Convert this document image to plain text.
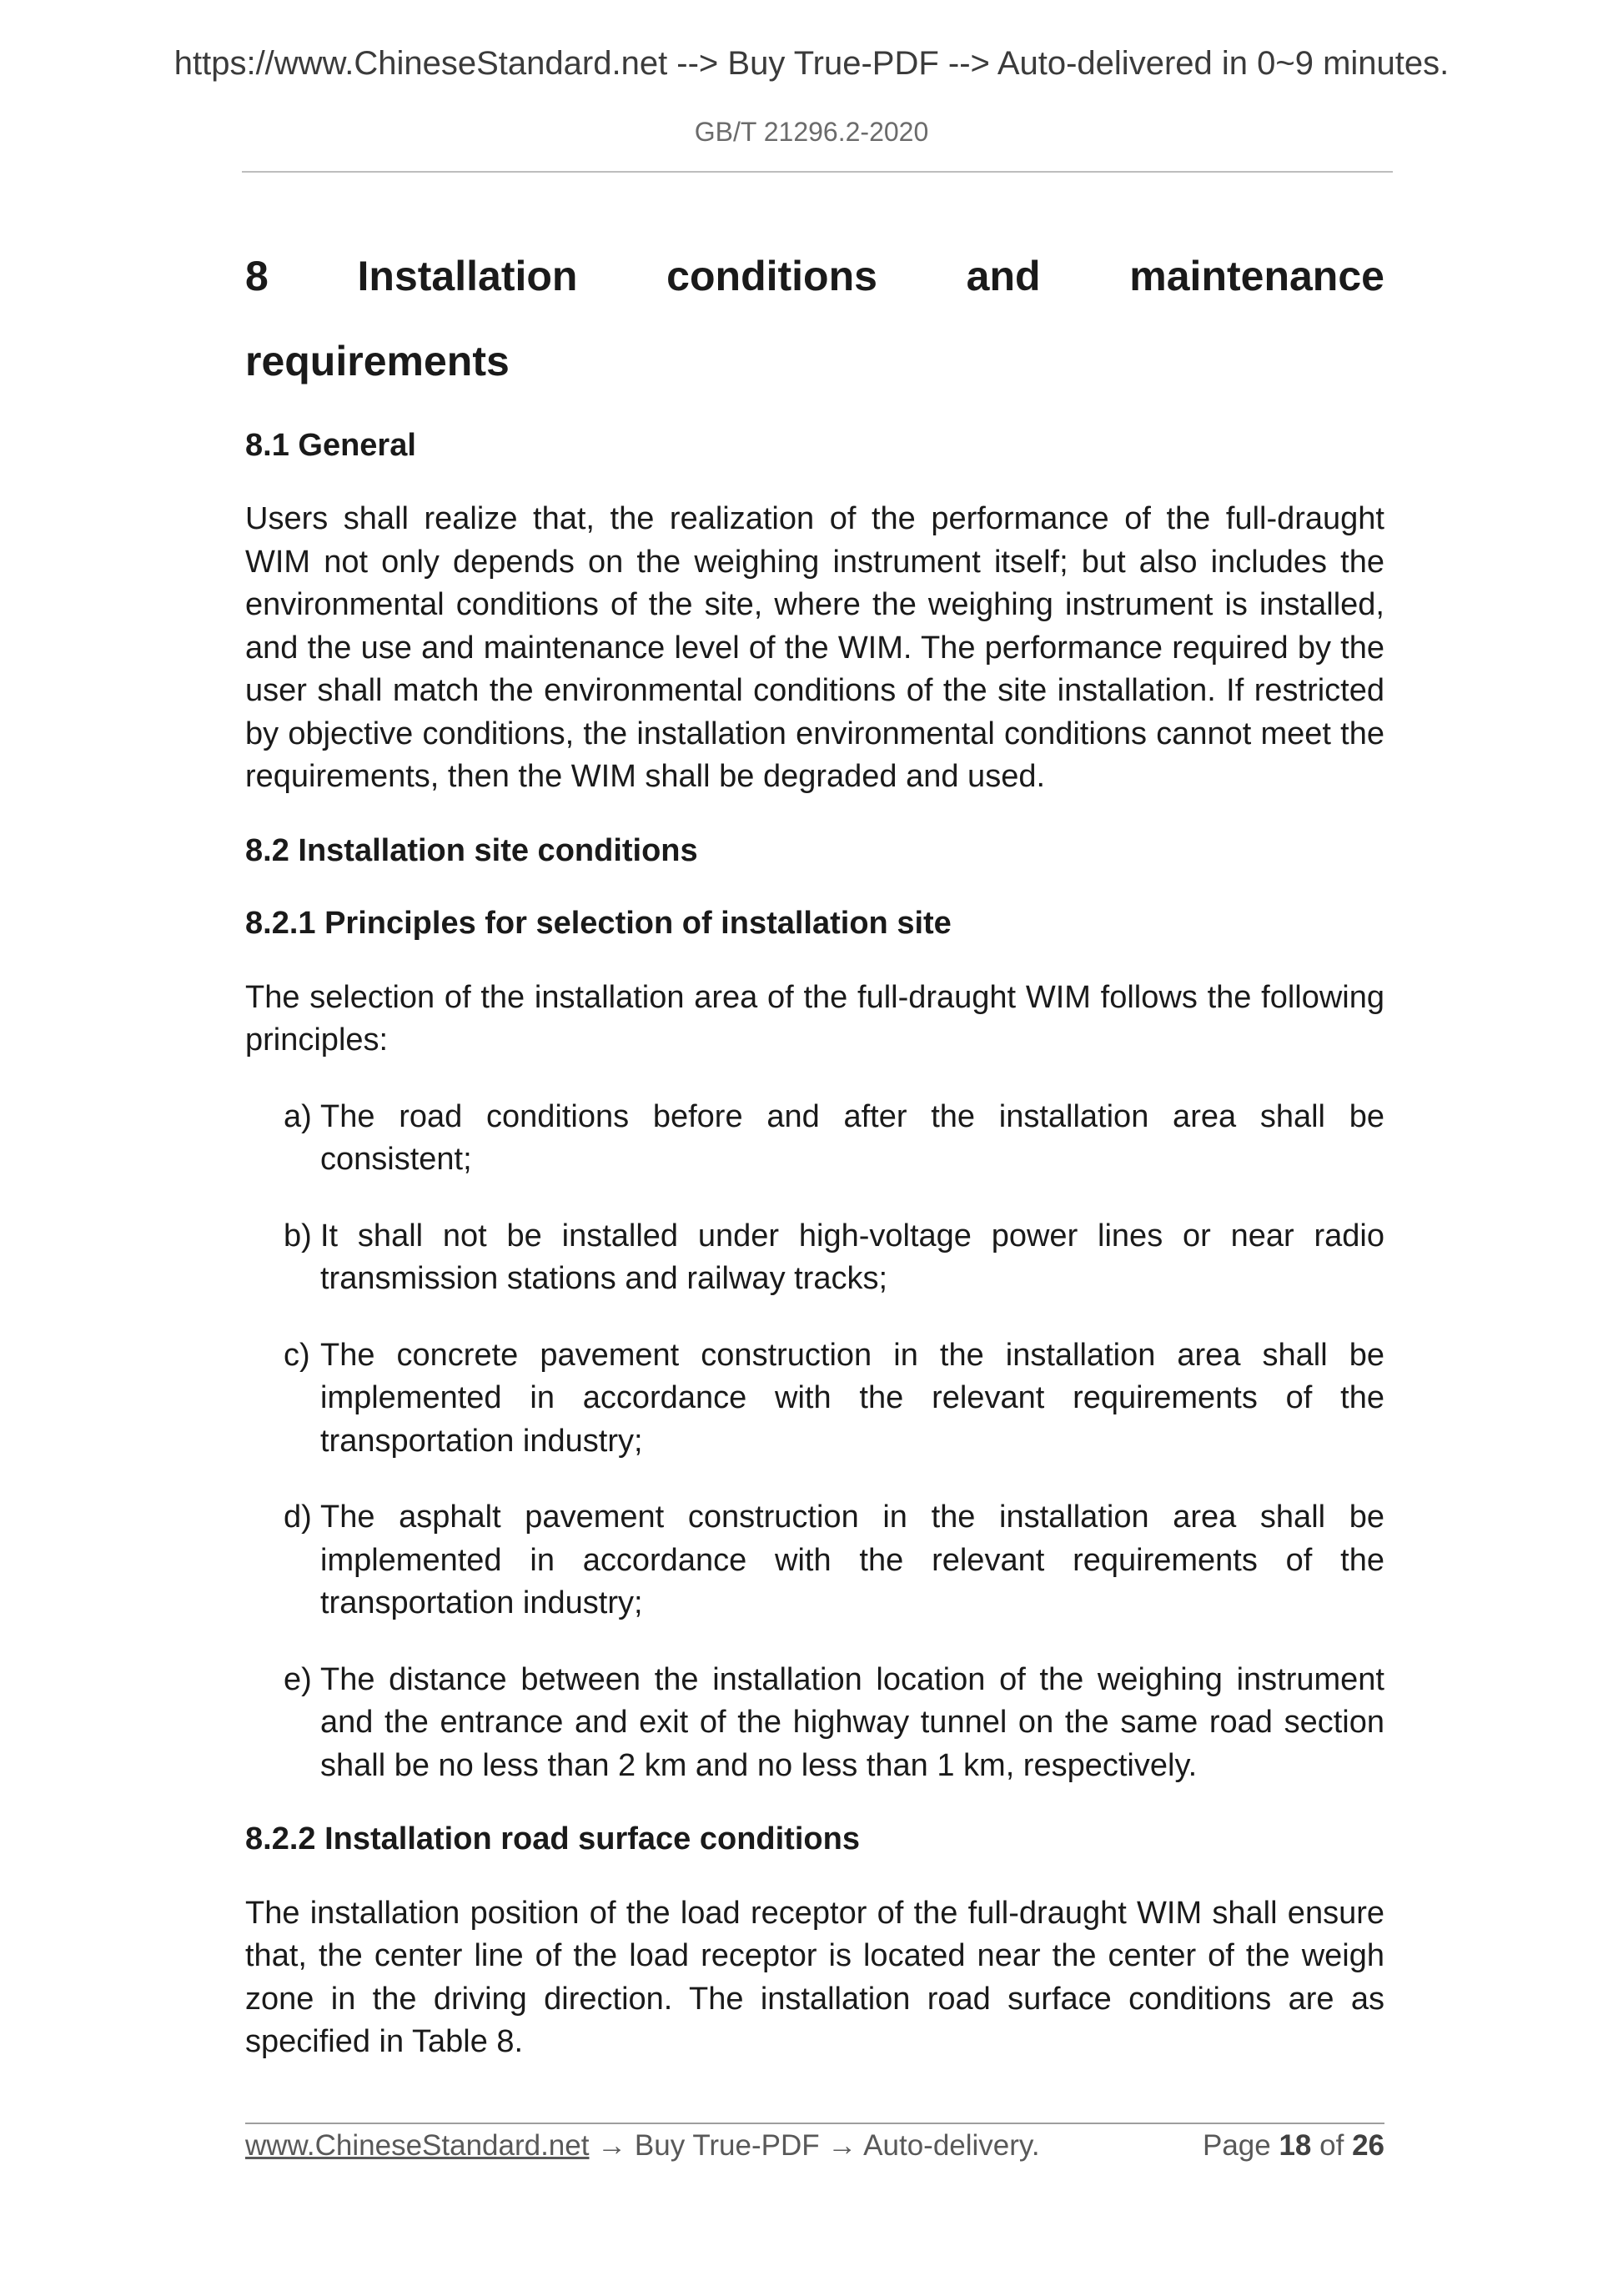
https://www.ChineseStandard.net --> Buy True-PDF --> Auto-delivered in 0~9 minutes.
GB/T 21296.2-2020
8 Installation conditions and maintenance
requirements
8.1 General

Users shall realize that, the realization of the performance of the full-draught WIM not only depends on the weighing instrument itself; but also includes the environmental conditions of the site, where the weighing instrument is installed, and the use and maintenance level of the WIM. The performance required by the user shall match the environmental conditions of the site installation. If restricted by objective conditions, the installation environmental conditions cannot meet the requirements, then the WIM shall be degraded and used.

8.2 Installation site conditions
8.2.1 Principles for selection of installation site

The selection of the installation area of the full-draught WIM follows the following principles:

a) The road conditions before and after the installation area shall be consistent;
b) It shall not be installed under high-voltage power lines or near radio transmission stations and railway tracks;
c) The concrete pavement construction in the installation area shall be implemented in accordance with the relevant requirements of the transportation industry;
d) The asphalt pavement construction in the installation area shall be implemented in accordance with the relevant requirements of the transportation industry;
e) The distance between the installation location of the weighing instrument and the entrance and exit of the highway tunnel on the same road section shall be no less than 2 km and no less than 1 km, respectively.
8.2.2 Installation road surface conditions

The installation position of the load receptor of the full-draught WIM shall ensure that, the center line of the load receptor is located near the center of the weigh zone in the driving direction. The installation road surface conditions are as specified in Table 8.

www.ChineseStandard.net → Buy True-PDF → Auto-delivery.	Page 18 of 26
